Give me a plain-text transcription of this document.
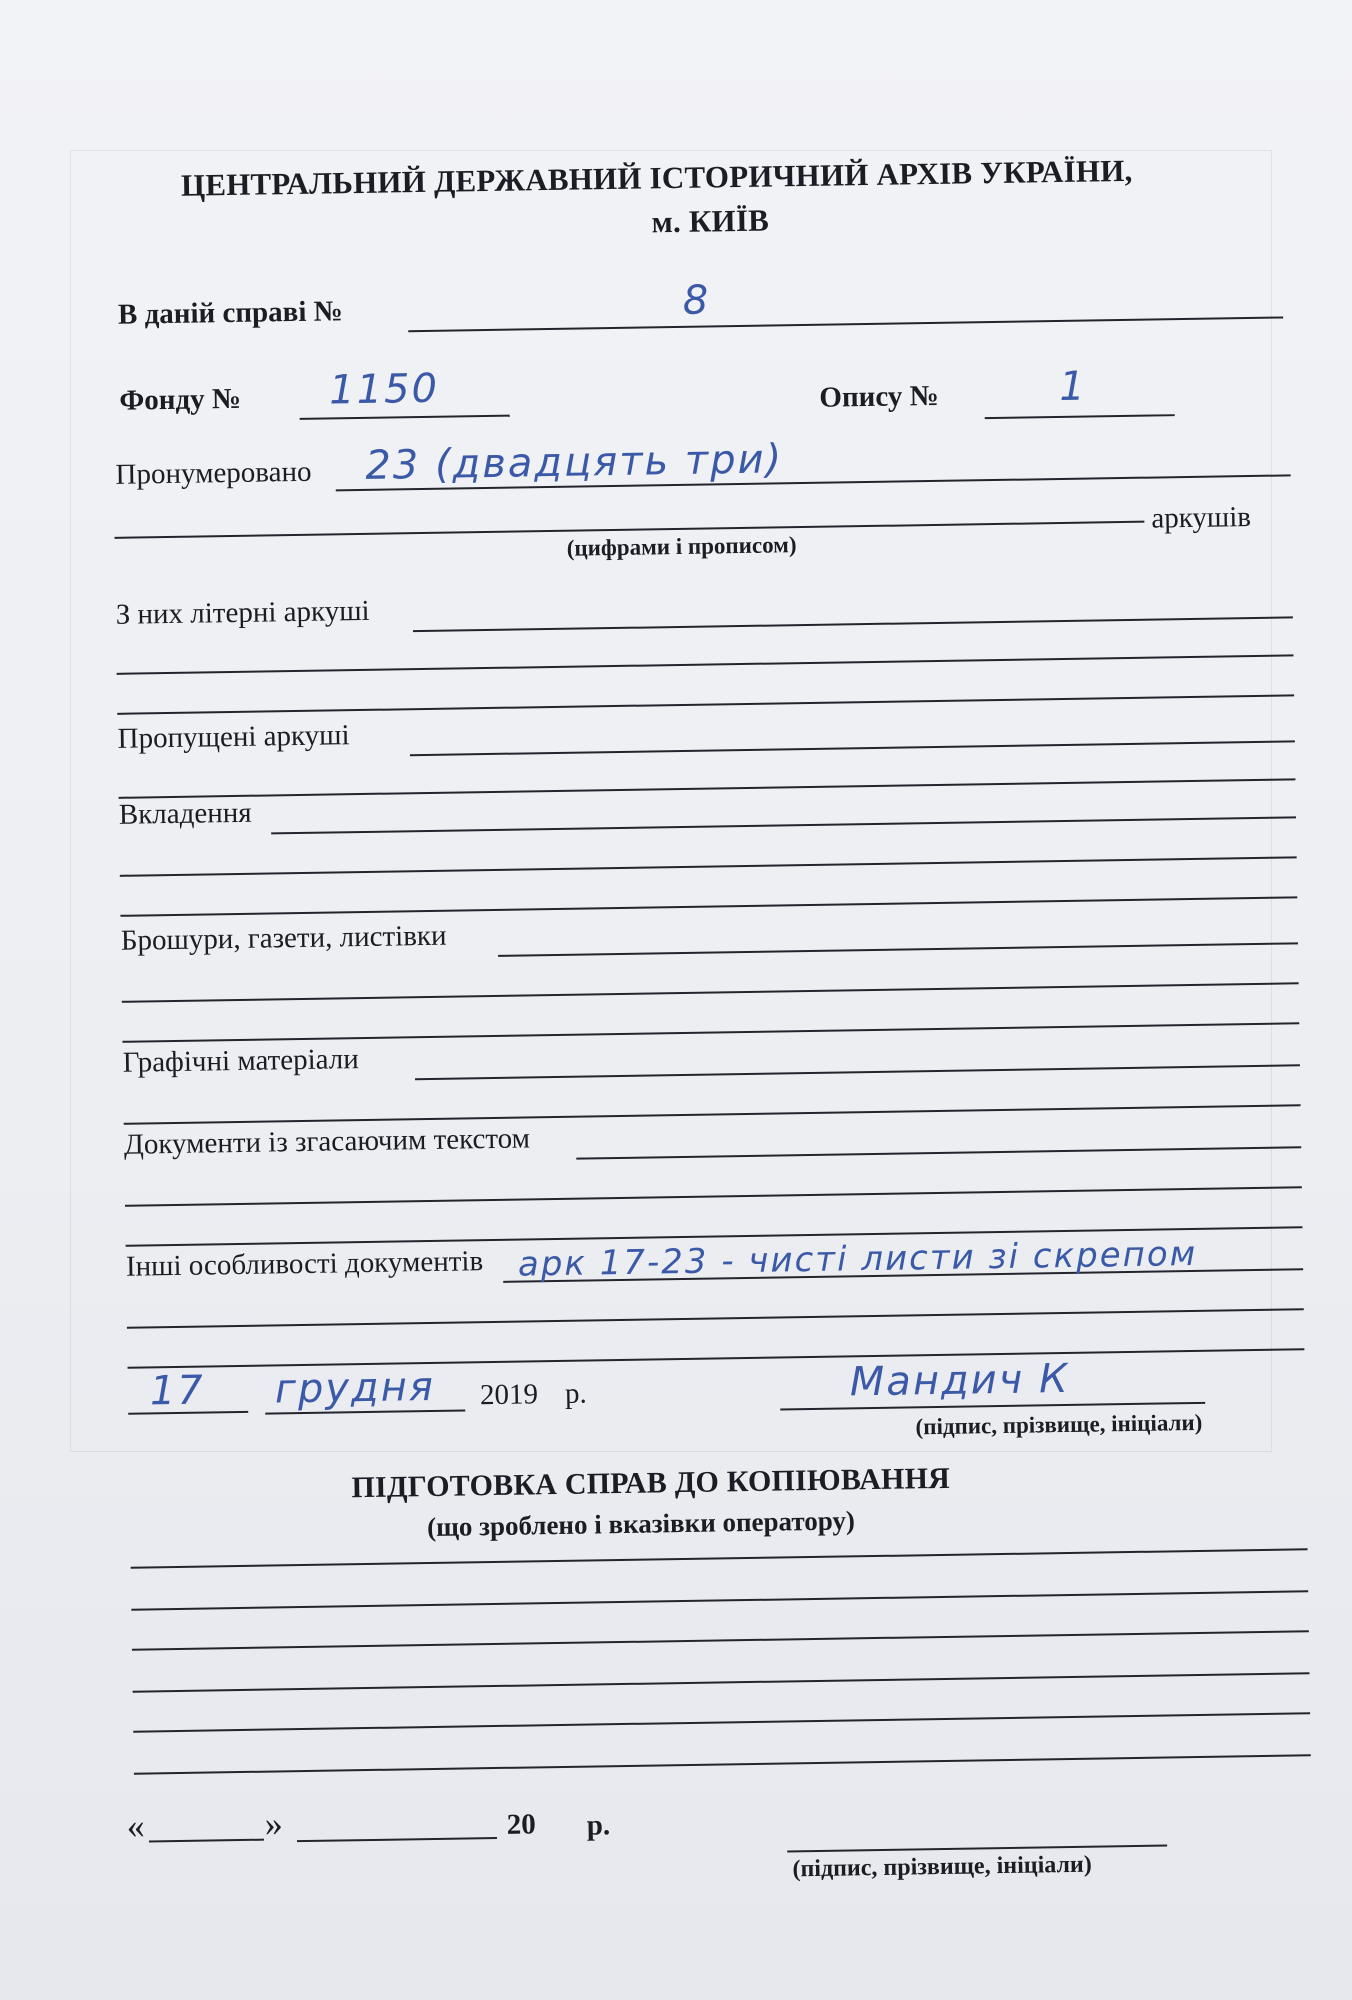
ЦЕНТРАЛЬНИЙ ДЕРЖАВНИЙ ІСТОРИЧНИЙ АРХІВ УКРАЇНИ,
м. КИЇВ
В даній справі №	8
Фонду № 1150	Опису №	1
Пронумеровано 23 (двадцять три)
(цифрами і прописом)
аркушів
З них літерні аркуші
Пропущені аркуші
Вкладення
Брошури, газети, листівки
Графічні матеріали
Документи із згасаючим текстом
Інші особливості документів арк 17-23 - чисті листи зі скрепом
17 грудня 2019 р.	Мандич К
(підпис, прізвище, ініціали)
ПІДГОТОВКА СПРАВ ДО КОПІЮВАННЯ
(що зроблено і вказівки оператору)
«	»	20 р.
(підпис, прізвище, ініціали)
